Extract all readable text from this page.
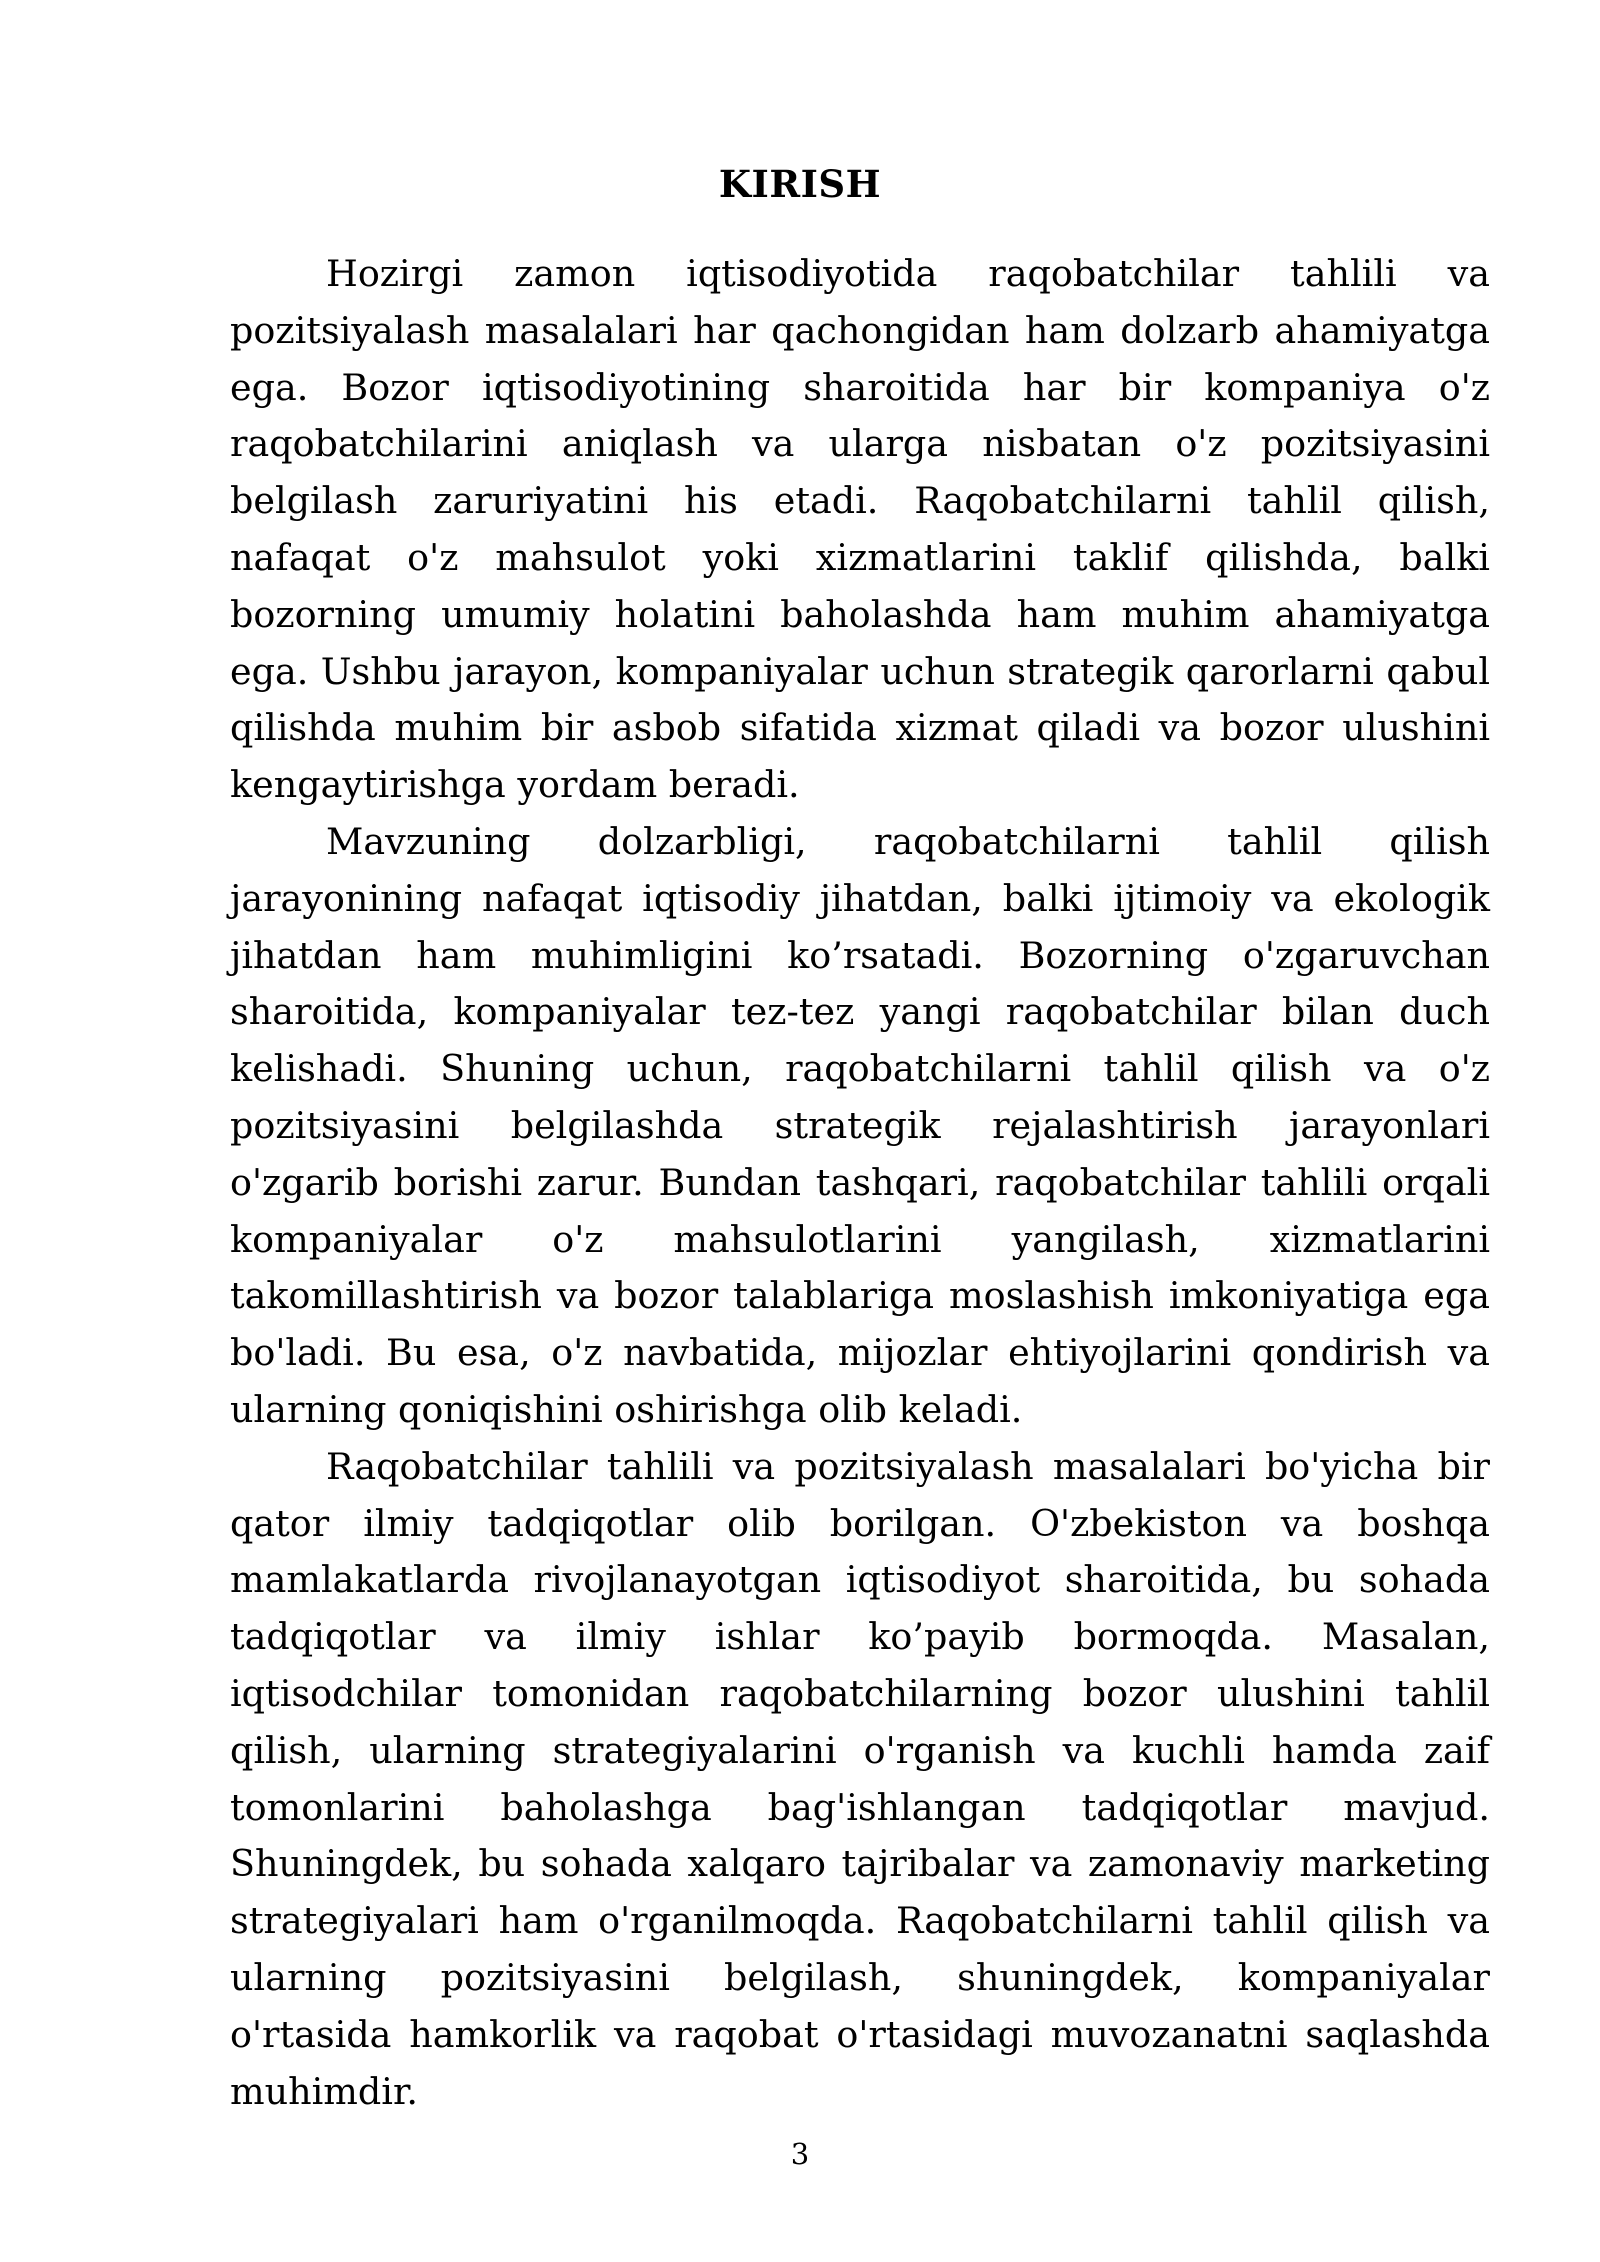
KIRISH

Hozirgi zamon iqtisodiyotida raqobatchilar tahlili va pozitsiyalash masalalari har qachongidan ham dolzarb ahamiyatga ega. Bozor iqtisodiyotining sharoitida har bir kompaniya o'z raqobatchilarini aniqlash va ularga nisbatan o'z pozitsiyasini belgilash zaruriyatini his etadi. Raqobatchilarni tahlil qilish, nafaqat o'z mahsulot yoki xizmatlarini taklif qilishda, balki bozorning umumiy holatini baholashda ham muhim ahamiyatga ega. Ushbu jarayon, kompaniyalar uchun strategik qarorlarni qabul qilishda muhim bir asbob sifatida xizmat qiladi va bozor ulushini kengaytirishga yordam beradi.

Mavzuning dolzarbligi, raqobatchilarni tahlil qilish jarayonining nafaqat iqtisodiy jihatdan, balki ijtimoiy va ekologik jihatdan ham muhimligini ko’rsatadi. Bozorning o'zgaruvchan sharoitida, kompaniyalar tez-tez yangi raqobatchilar bilan duch kelishadi. Shuning uchun, raqobatchilarni tahlil qilish va o'z pozitsiyasini belgilashda strategik rejalashtirish jarayonlari o'zgarib borishi zarur. Bundan tashqari, raqobatchilar tahlili orqali kompaniyalar o'z mahsulotlarini yangilash, xizmatlarini takomillashtirish va bozor talablariga moslashish imkoniyatiga ega bo'ladi. Bu esa, o'z navbatida, mijozlar ehtiyojlarini qondirish va ularning qoniqishini oshirishga olib keladi.

Raqobatchilar tahlili va pozitsiyalash masalalari bo'yicha bir qator ilmiy tadqiqotlar olib borilgan. O'zbekiston va boshqa mamlakatlarda rivojlanayotgan iqtisodiyot sharoitida, bu sohada tadqiqotlar va ilmiy ishlar ko’payib bormoqda. Masalan, iqtisodchilar tomonidan raqobatchilarning bozor ulushini tahlil qilish, ularning strategiyalarini o'rganish va kuchli hamda zaif tomonlarini baholashga bag'ishlangan tadqiqotlar mavjud. Shuningdek, bu sohada xalqaro tajribalar va zamonaviy marketing strategiyalari ham o'rganilmoqda. Raqobatchilarni tahlil qilish va ularning pozitsiyasini belgilash, shuningdek, kompaniyalar o'rtasida hamkorlik va raqobat o'rtasidagi muvozanatni saqlashda muhimdir.

3
